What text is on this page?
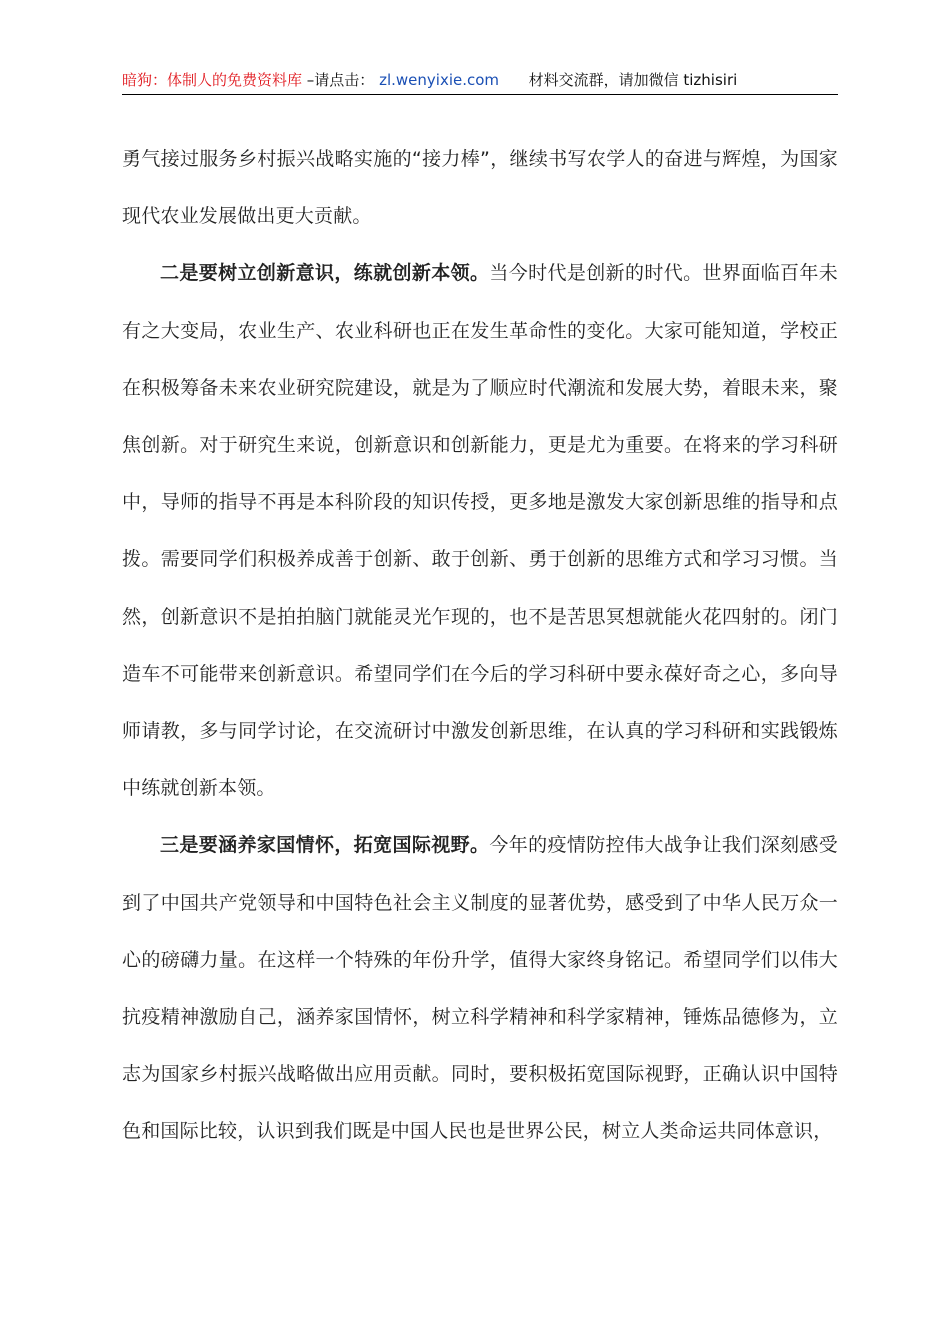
暗狗：体制人的免费资料库 –请点击： zl.wenyixie.com 材料交流群，请加微信 tizhisiri

勇气接过服务乡村振兴战略实施的“接力棒”，继续书写农学人的奋进与辉煌，为国家现代农业发展做出更大贡献。

二是要树立创新意识，练就创新本领。当今时代是创新的时代。世界面临百年未有之大变局，农业生产、农业科研也正在发生革命性的变化。大家可能知道，学校正在积极筹备未来农业研究院建设，就是为了顺应时代潮流和发展大势，着眼未来，聚焦创新。对于研究生来说，创新意识和创新能力，更是尤为重要。在将来的学习科研中，导师的指导不再是本科阶段的知识传授，更多地是激发大家创新思维的指导和点拨。需要同学们积极养成善于创新、敢于创新、勇于创新的思维方式和学习习惯。当然，创新意识不是拍拍脑门就能灵光乍现的，也不是苦思冥想就能火花四射的。闭门造车不可能带来创新意识。希望同学们在今后的学习科研中要永葆好奇之心，多向导师请教，多与同学讨论，在交流研讨中激发创新思维，在认真的学习科研和实践锻炼中练就创新本领。

三是要涵养家国情怀，拓宽国际视野。今年的疫情防控伟大战争让我们深刻感受到了中国共产党领导和中国特色社会主义制度的显著优势，感受到了中华人民万众一心的磅礴力量。在这样一个特殊的年份升学，值得大家终身铭记。希望同学们以伟大抗疫精神激励自己，涵养家国情怀，树立科学精神和科学家精神，锤炼品德修为，立志为国家乡村振兴战略做出应用贡献。同时，要积极拓宽国际视野，正确认识中国特色和国际比较，认识到我们既是中国人民也是世界公民，树立人类命运共同体意识，
